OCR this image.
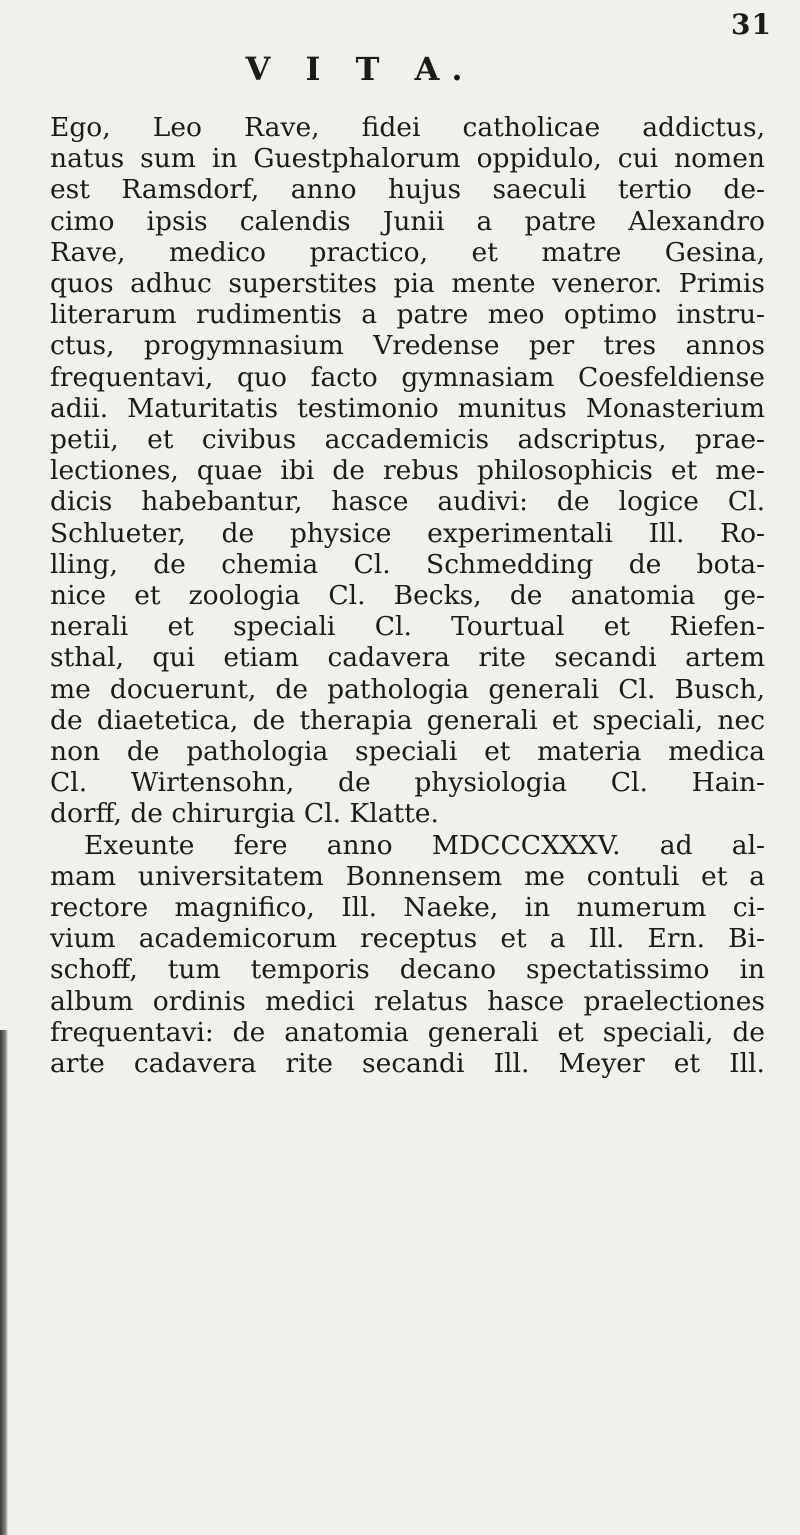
31
V I T A.
Ego, Leo Rave, fidei catholicae addictus,
natus sum in Guestphalorum oppidulo, cui nomen
est Ramsdorf, anno hujus saeculi tertio de-
cimo ipsis calendis Junii a patre Alexandro
Rave, medico practico, et matre Gesina,
quos adhuc superstites pia mente veneror. Primis
literarum rudimentis a patre meo optimo instru-
ctus, progymnasium Vredense per tres annos
frequentavi, quo facto gymnasiam Coesfeldiense
adii. Maturitatis testimonio munitus Monasterium
petii, et civibus accademicis adscriptus, prae-
lectiones, quae ibi de rebus philosophicis et me-
dicis habebantur, hasce audivi: de logice Cl.
Schlueter, de physice experimentali Ill. Ro-
lling, de chemia Cl. Schmedding de bota-
nice et zoologia Cl. Becks, de anatomia ge-
nerali et speciali Cl. Tourtual et Riefen-
sthal, qui etiam cadavera rite secandi artem
me docuerunt, de pathologia generali Cl. Busch,
de diaetetica, de therapia generali et speciali, nec
non de pathologia speciali et materia medica
Cl. Wirtensohn, de physiologia Cl. Hain-
dorff, de chirurgia Cl. Klatte.
Exeunte fere anno MDCCCXXXV. ad al-
mam universitatem Bonnensem me contuli et a
rectore magnifico, Ill. Naeke, in numerum ci-
vium academicorum receptus et a Ill. Ern. Bi-
schoff, tum temporis decano spectatissimo in
album ordinis medici relatus hasce praelectiones
frequentavi: de anatomia generali et speciali, de
arte cadavera rite secandi Ill. Meyer et Ill.
